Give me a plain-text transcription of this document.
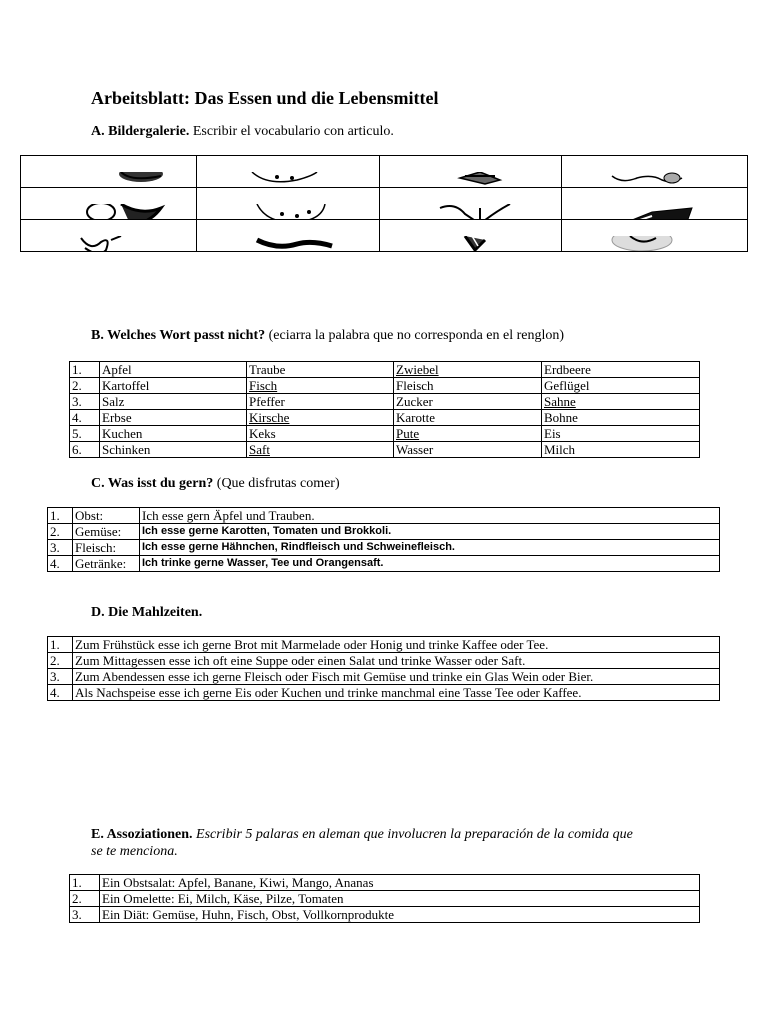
Arbeitsblatt: Das Essen und die Lebensmittel
A. Bildergalerie. Escribir el vocabulario con articulo.

B. Welches Wort passt nicht? (eciarra la palabra que no corresponda en el renglon)
1.	Apfel	Traube	Zwiebel	Erdbeere
2.	Kartoffel	Fisch	Fleisch	Geflügel
3.	Salz	Pfeffer	Zucker	Sahne
4.	Erbse	Kirsche	Karotte	Bohne
5.	Kuchen	Keks	Pute	Eis
6.	Schinken	Saft	Wasser	Milch
C. Was isst du gern? (Que disfrutas comer)
1.	Obst:	Ich esse gern Äpfel und Trauben.
2.	Gemüse:	Ich esse gerne Karotten, Tomaten und Brokkoli.
3.	Fleisch:	Ich esse gerne Hähnchen, Rindfleisch und Schweinefleisch.
4.	Getränke:	Ich trinke gerne Wasser, Tee und Orangensaft.
D. Die Mahlzeiten.
1.	Zum Frühstück esse ich gerne Brot mit Marmelade oder Honig und trinke Kaffee oder Tee.
2.	Zum Mittagessen esse ich oft eine Suppe oder einen Salat und trinke Wasser oder Saft.
3.	Zum Abendessen esse ich gerne Fleisch oder Fisch mit Gemüse und trinke ein Glas Wein oder Bier.
4.	Als Nachspeise esse ich gerne Eis oder Kuchen und trinke manchmal eine Tasse Tee oder Kaffee.
E. Assoziationen. Escribir 5 palaras en aleman que involucren la preparación de la comida que
se te menciona.
1.	Ein Obstsalat: Apfel, Banane, Kiwi, Mango, Ananas
2.	Ein Omelette: Ei, Milch, Käse, Pilze, Tomaten
3.	Ein Diät: Gemüse, Huhn, Fisch, Obst, Vollkornprodukte
